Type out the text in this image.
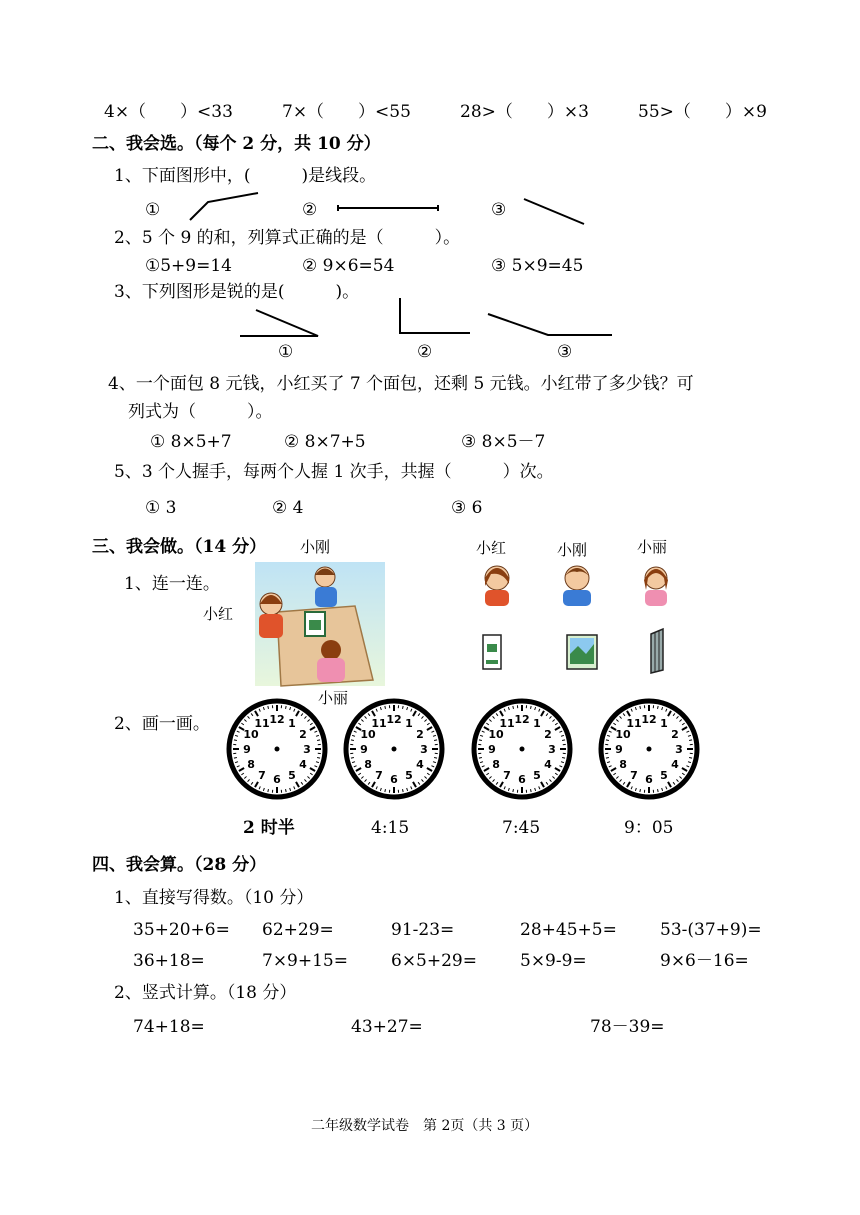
4×（　　）<33	7×（　　）<55	28>（　　）×3	55>（　　）×9
二、我会选。（每个 2 分，共 10 分）
1、下面图形中，(　　　)是线段。
①	②	③
2、5 个 9 的和，列算式正确的是（　　　）。
①5+9=14	② 9×6=54	③ 5×9=45
3、下列图形是锐的是(　　　)。
①	②	③
4、一个面包 8 元钱，小红买了 7 个面包，还剩 5 元钱。小红带了多少钱？可
列式为（　　　）。
① 8×5+7	② 8×7+5	③ 8×5－7
5、3 个人握手，每两个人握 1 次手，共握（　　　）次。
① 3	② 4	③ 6
三、我会做。（14 分）
1、连一连。
小刚
小红
小丽
小红	小刚	小丽
2、画一画。	1
2
3
4
5
6
7
8
9
10
11 12	1
2
3
4
5
6
7
8
9
10
11 12	1
2
3
4
5
6
7
8
9
10
11 12	1
2
3
4
5
6
7
8
9
10
11 12
2 时半	4:15	7:45	9：05
四、我会算。（28 分）
1、直接写得数。（10 分）
35+20+6= 62+29=	91-23=	28+45+5=	53-(37+9)=
36+18=	7×9+15=	6×5+29=	5×9-9=	9×6－16=
2、竖式计算。（18 分）
74+18=	43+27=	78－39=
二年级数学试卷　第 2页（共 3 页）
